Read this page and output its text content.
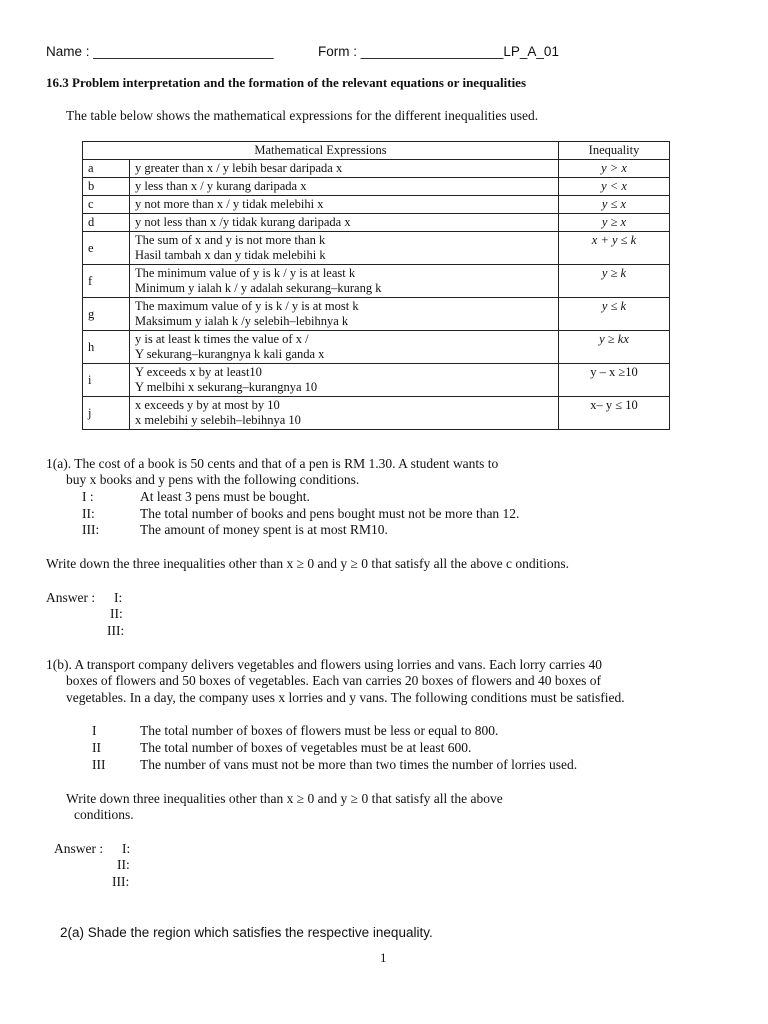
Name : ________________________	Form : ___________________LP_A_01
16.3 Problem interpretation and the formation of the relevant equations or inequalities
The table below shows the mathematical expressions for the different inequalities used.
Mathematical Expressions		Inequality
a	y greater than x / y lebih besar daripada x	y > x
b	y less than x / y kurang daripada x	y < x
c	y not more than x / y tidak melebihi x	y ≤ x
d	y not less than x /y tidak kurang daripada x	y ≥ x
e	The sum of x and y is not more than k
Hasil tambah x dan y tidak melebihi k	x + y ≤ k
f	The minimum value of y is k / y is at least k
Minimum y ialah k / y adalah sekurang–kurang k	y ≥ k
g	The maximum value of y is k / y is at most k
Maksimum y ialah k /y selebih–lebihnya k	y ≤ k
h	y is at least k times the value of x /
Y sekurang–kurangnya k kali ganda x	y ≥ kx
i	Y exceeds x by at least10
Y melbihi x sekurang–kurangnya 10	y – x ≥10
j	x exceeds y by at most by 10
x melebihi y selebih–lebihnya 10	x– y ≤ 10
1(a). The cost of a book is 50 cents and that of a pen is RM 1.30. A student wants to
buy x books and y pens with the following conditions.
I :	At least 3 pens must be bought.
II:	The total number of books and pens bought must not be more than 12.
III:	The amount of money spent is at most RM10.
Write down the three inequalities other than x ≥ 0 and y ≥ 0 that satisfy all the above c onditions.
Answer : I:
II:
III:
1(b). A transport company delivers vegetables and flowers using lorries and vans. Each lorry carries 40
boxes of flowers and 50 boxes of vegetables. Each van carries 20 boxes of flowers and 40 boxes of
vegetables. In a day, the company uses x lorries and y vans. The following conditions must be satisfied.
I	The total number of boxes of flowers must be less or equal to 800.
II	The total number of boxes of vegetables must be at least 600.
III	The number of vans must not be more than two times the number of lorries used.
Write down three inequalities other than x ≥ 0 and y ≥ 0 that satisfy all the above
conditions.
Answer : I:
II:
III:
2(a) Shade the region which satisfies the respective inequality.
1
